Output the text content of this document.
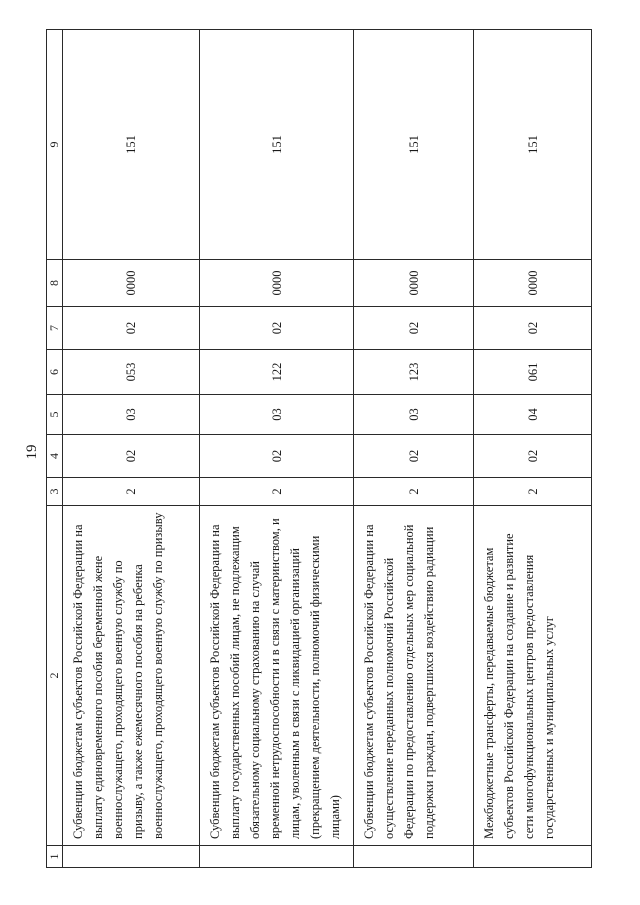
19
1	2	3	4	5	6	7	8	9
	Субвенции бюджетам субъектов Российской Федерации на выплату единовременного пособия беременной жене военнослужащего, проходящего военную службу по призыву, а также ежемесячного пособия на ребенка военнослужащего, проходящего военную службу по призыву	2	02	03	053	02	0000	151
	Субвенции бюджетам субъектов Российской Федерации на выплату государственных пособий лицам, не подлежащим обязательному социальному страхованию на случай временной нетрудоспособности и в связи с материнством, и лицам, уволенным в связи с ликвидацией организаций (прекращением деятельности, полномочий физическими лицами)	2	02	03	122	02	0000	151
	Субвенции бюджетам субъектов Российской Федерации на осуществление переданных полномочий Российской Федерации по предоставлению отдельных мер социальной поддержки граждан, подвергшихся воздействию радиации	2	02	03	123	02	0000	151
	Межбюджетные трансферты, передаваемые бюджетам субъектов Российской Федерации на создание и развитие сети многофункциональных центров предоставления государственных и муниципальных услуг	2	02	04	061	02	0000	151
